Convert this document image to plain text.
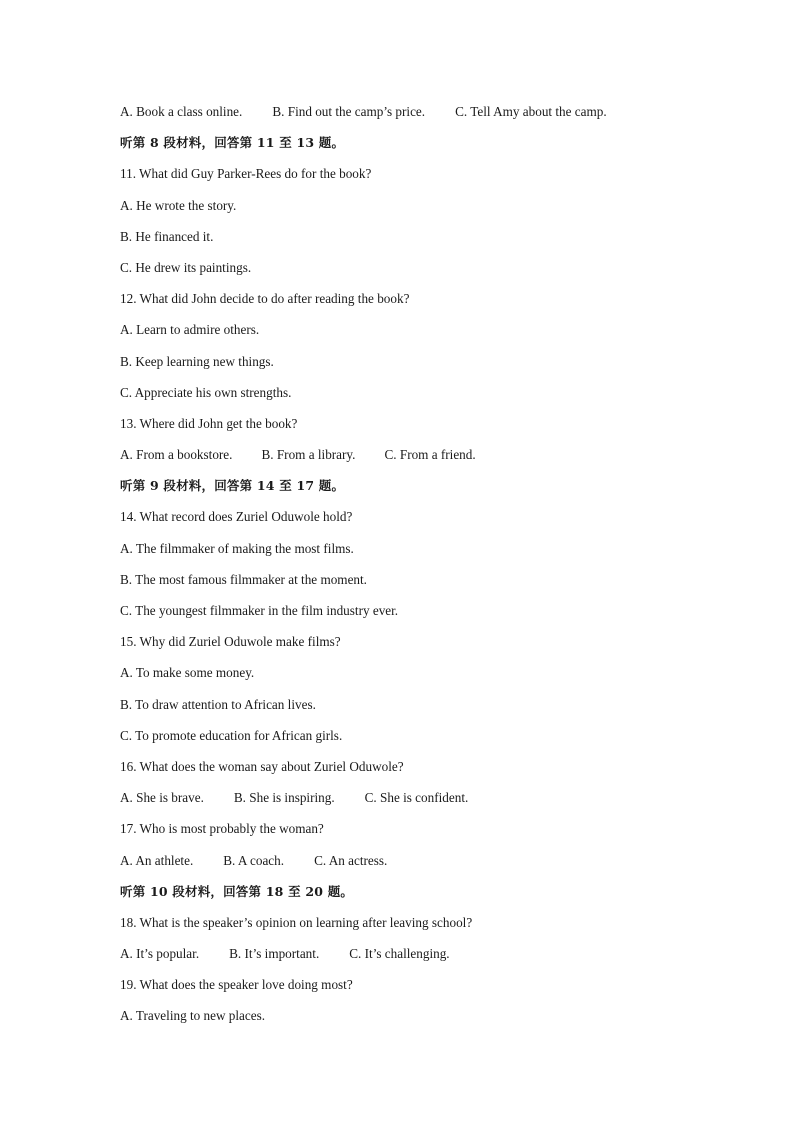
A. Book a class online. B. Find out the camp’s price. C. Tell Amy about the camp.
听第 8 段材料，回答第 11 至 13 题。
11. What did Guy Parker-Rees do for the book?
A. He wrote the story.
B. He financed it.
C. He drew its paintings.
12. What did John decide to do after reading the book?
A. Learn to admire others.
B. Keep learning new things.
C. Appreciate his own strengths.
13. Where did John get the book?
A. From a bookstore. B. From a library. C. From a friend.
听第 9 段材料，回答第 14 至 17 题。
14. What record does Zuriel Oduwole hold?
A. The filmmaker of making the most films.
B. The most famous filmmaker at the moment.
C. The youngest filmmaker in the film industry ever.
15. Why did Zuriel Oduwole make films?
A. To make some money.
B. To draw attention to African lives.
C. To promote education for African girls.
16. What does the woman say about Zuriel Oduwole?
A. She is brave. B. She is inspiring. C. She is confident.
17. Who is most probably the woman?
A. An athlete. B. A coach. C. An actress.
听第 10 段材料，回答第 18 至 20 题。
18. What is the speaker’s opinion on learning after leaving school?
A. It’s popular. B. It’s important. C. It’s challenging.
19. What does the speaker love doing most?
A. Traveling to new places.
